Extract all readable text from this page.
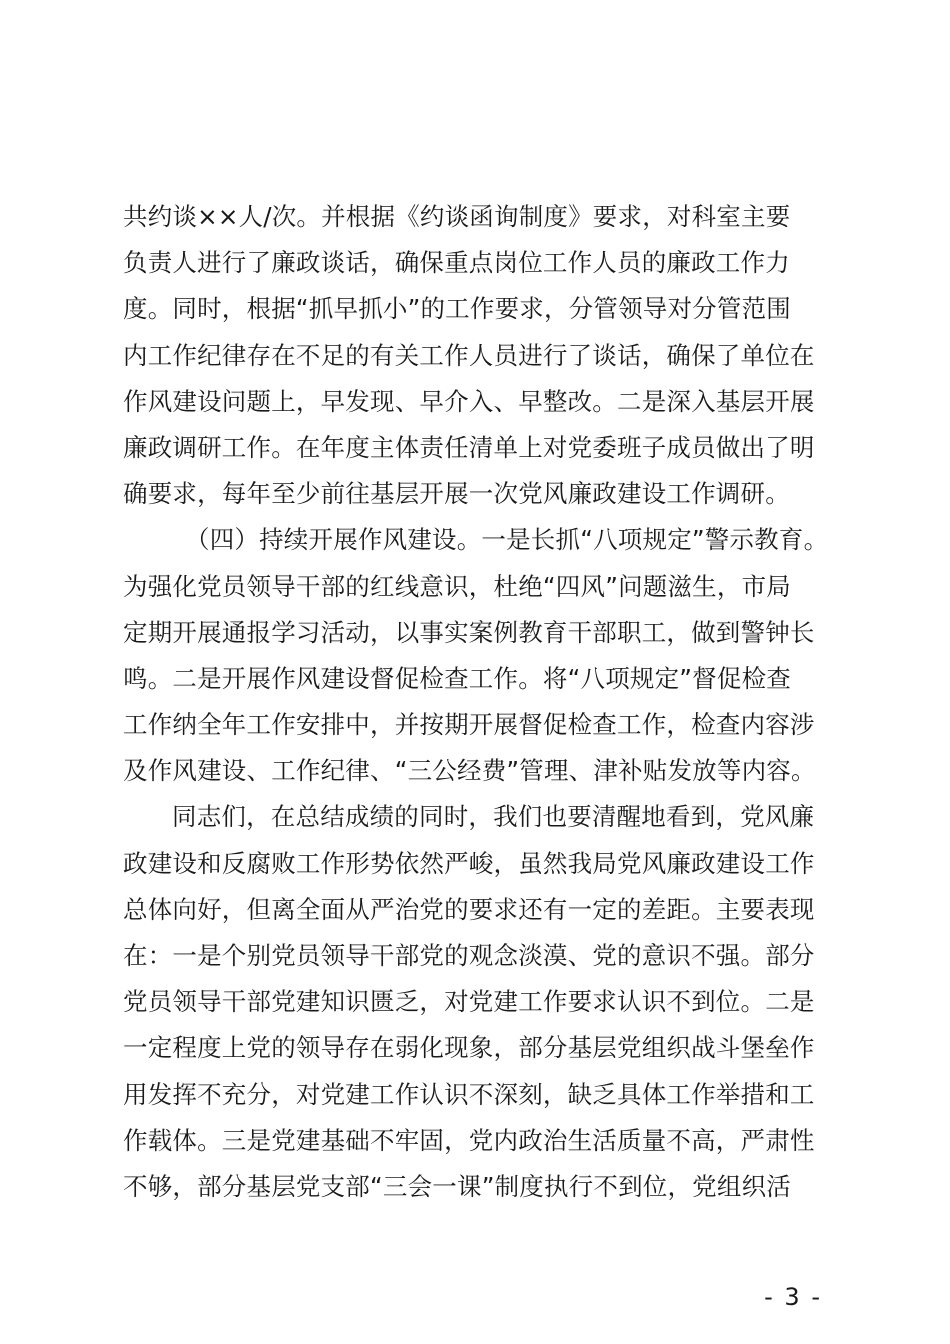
共约谈××人/次。并根据《约谈函询制度》要求，对科室主要
负责人进行了廉政谈话，确保重点岗位工作人员的廉政工作力
度。同时，根据“抓早抓小”的工作要求，分管领导对分管范围
内工作纪律存在不足的有关工作人员进行了谈话，确保了单位在
作风建设问题上，早发现、早介入、早整改。二是深入基层开展
廉政调研工作。在年度主体责任清单上对党委班子成员做出了明
确要求，每年至少前往基层开展一次党风廉政建设工作调研。
（四）持续开展作风建设。一是长抓“八项规定”警示教育。
为强化党员领导干部的红线意识，杜绝“四风”问题滋生，市局
定期开展通报学习活动，以事实案例教育干部职工，做到警钟长
鸣。二是开展作风建设督促检查工作。将“八项规定”督促检查
工作纳全年工作安排中，并按期开展督促检查工作，检查内容涉
及作风建设、工作纪律、“三公经费”管理、津补贴发放等内容。
同志们，在总结成绩的同时，我们也要清醒地看到，党风廉
政建设和反腐败工作形势依然严峻，虽然我局党风廉政建设工作
总体向好，但离全面从严治党的要求还有一定的差距。主要表现
在：一是个别党员领导干部党的观念淡漠、党的意识不强。部分
党员领导干部党建知识匮乏，对党建工作要求认识不到位。二是
一定程度上党的领导存在弱化现象，部分基层党组织战斗堡垒作
用发挥不充分，对党建工作认识不深刻，缺乏具体工作举措和工
作载体。三是党建基础不牢固，党内政治生活质量不高，严肃性
不够，部分基层党支部“三会一课”制度执行不到位，党组织活
- 3 -
